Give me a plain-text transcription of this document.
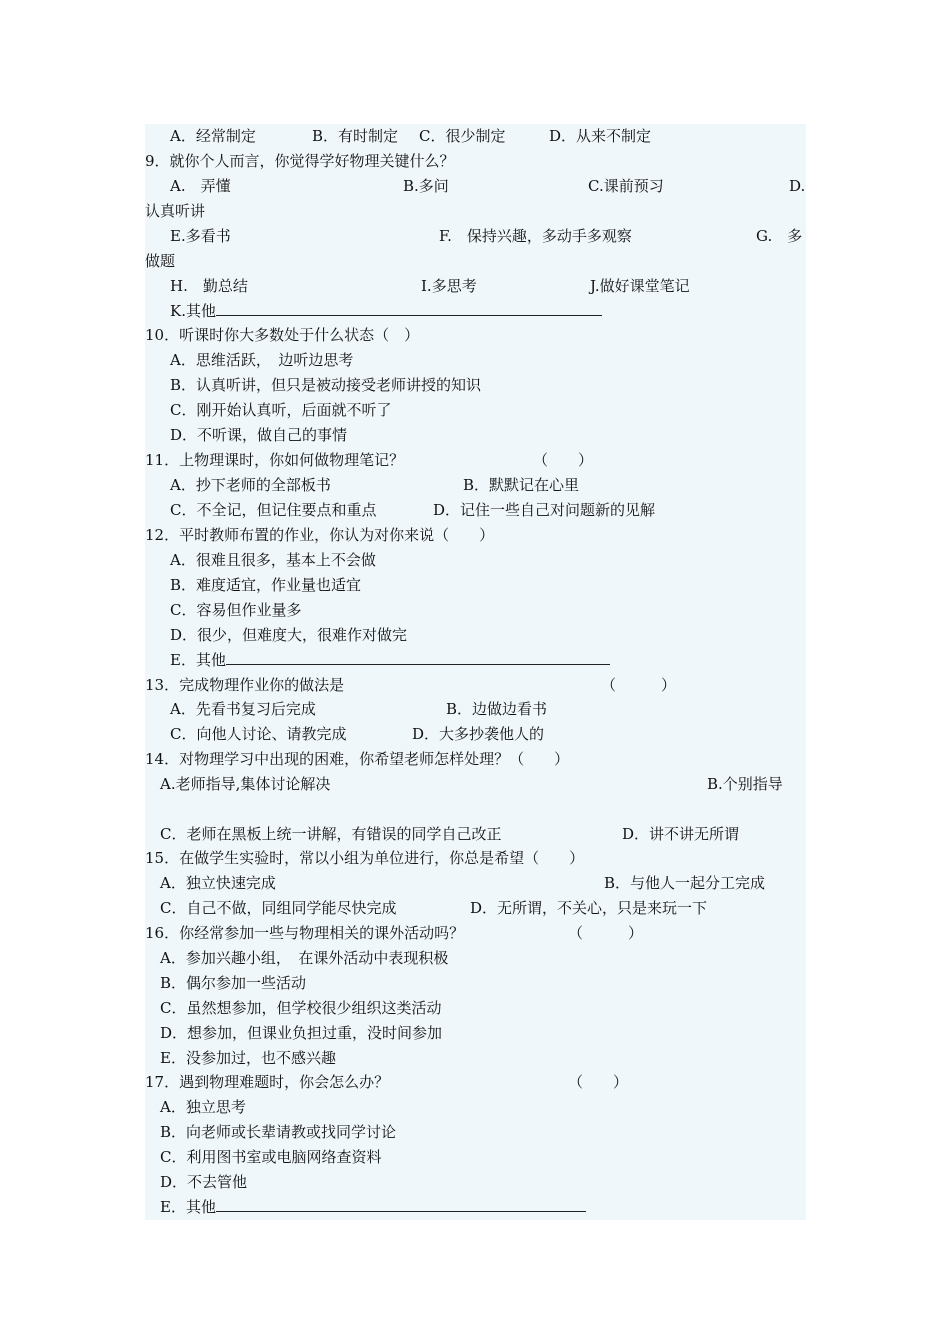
A．经常制定	B．有时制定 C．很少制定	D．从来不制定
9．就你个人而言，你觉得学好物理关键什么？
A.　弄懂	B.多问	C.课前预习	D.
认真听讲
E.多看书	F.　保持兴趣，多动手多观察	G.　多
做题
H.　勤总结	I.多思考	J.做好课堂笔记
K.其他
10．听课时你大多数处于什么状态（　）
A．思维活跃，　边听边思考
B．认真听讲，但只是被动接受老师讲授的知识
C．刚开始认真听，后面就不听了
D．不听课，做自己的事情
11．上物理课时，你如何做物理笔记？	（　　）
A．抄下老师的全部板书	B．默默记在心里
C．不全记，但记住要点和重点	D．记住一些自己对问题新的见解
12．平时教师布置的作业，你认为对你来说（　　）
A．很难且很多，基本上不会做
B．难度适宜，作业量也适宜
C．容易但作业量多
D．很少，但难度大，很难作对做完
E．其他
13．完成物理作业你的做法是	（　　　）
A．先看书复习后完成	B．边做边看书
C．向他人讨论、请教完成	D．大多抄袭他人的
14．对物理学习中出现的困难，你希望老师怎样处理？（　　）
A.老师指导,集体讨论解决	B.个别指导
C．老师在黑板上统一讲解，有错误的同学自己改正	D．讲不讲无所谓
15．在做学生实验时，常以小组为单位进行，你总是希望（　　）
A．独立快速完成	B．与他人一起分工完成
C．自己不做，同组同学能尽快完成	D．无所谓，不关心，只是来玩一下
16．你经常参加一些与物理相关的课外活动吗？	（　　　）
A．参加兴趣小组，　在课外活动中表现积极
B．偶尔参加一些活动
C．虽然想参加，但学校很少组织这类活动
D．想参加，但课业负担过重，没时间参加
E．没参加过，也不感兴趣
17．遇到物理难题时，你会怎么办？	（　　）
A．独立思考
B．向老师或长辈请教或找同学讨论
C．利用图书室或电脑网络查资料
D．不去管他
E．其他
